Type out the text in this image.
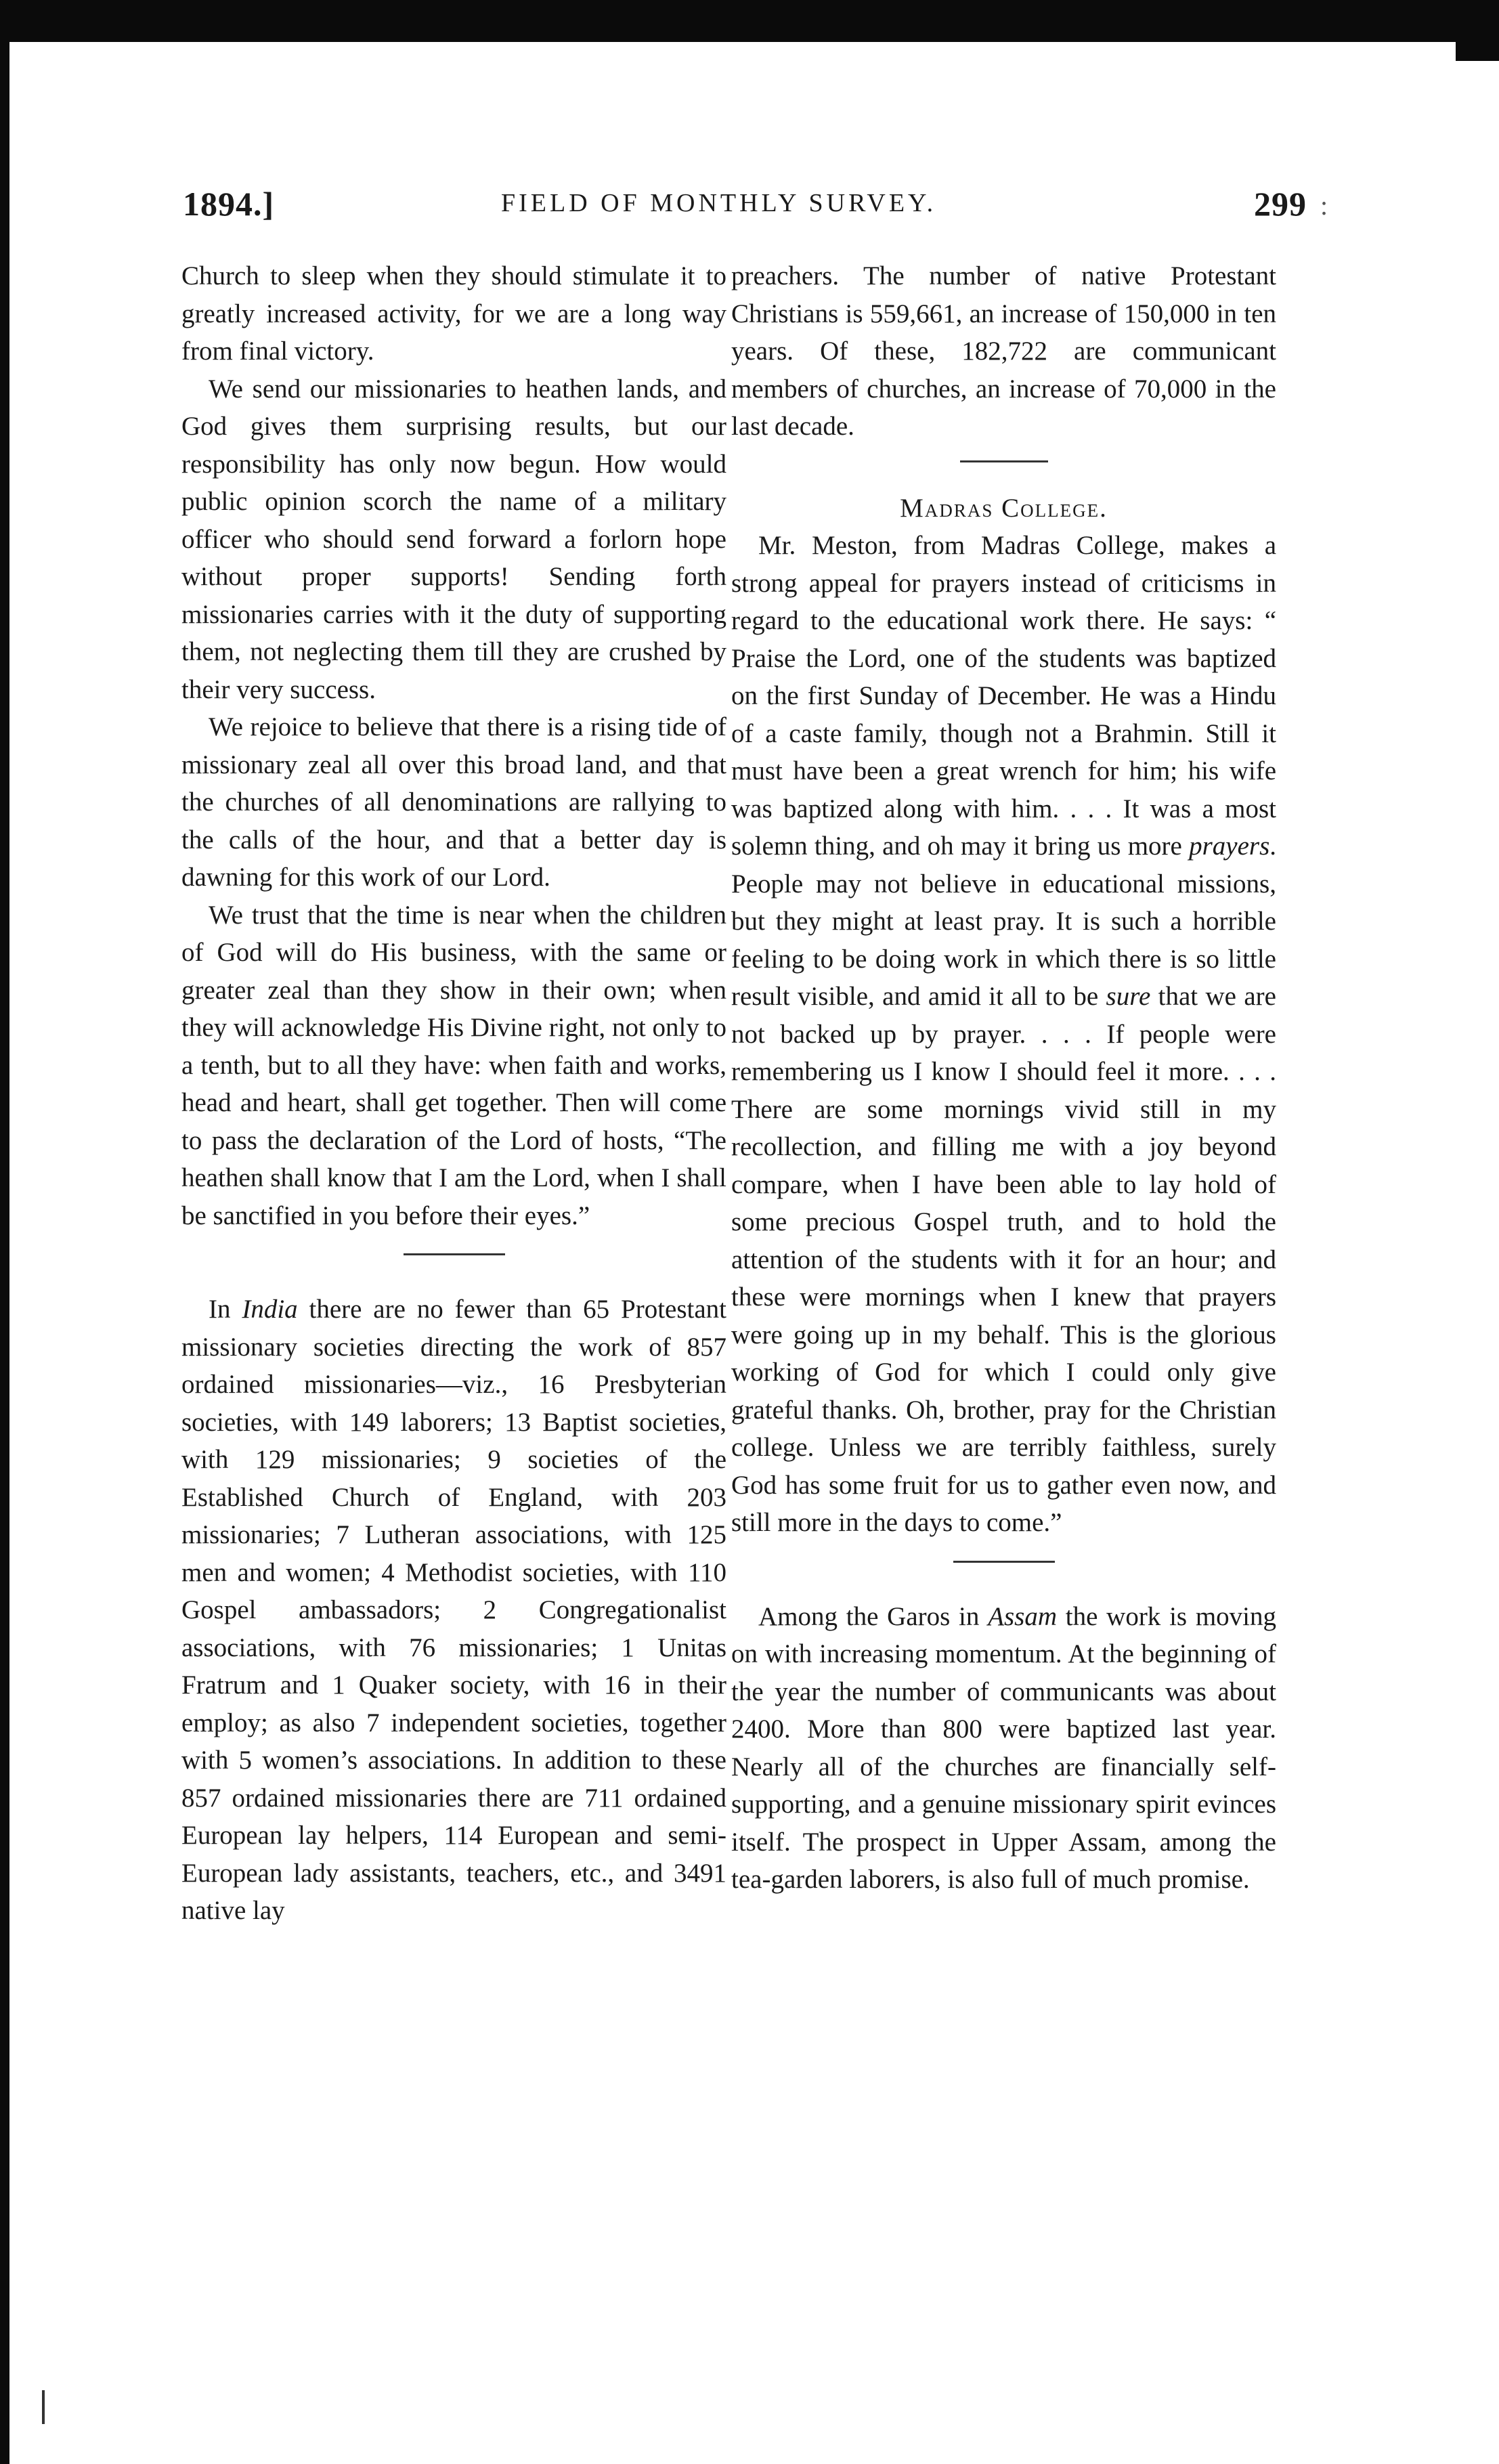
1894.]	FIELD OF MONTHLY SURVEY.	299 :

Church to sleep when they should stimulate it to greatly increased activity, for we are a long way from final victory.

We send our missionaries to heathen lands, and God gives them surprising results, but our responsibility has only now begun. How would public opinion scorch the name of a military officer who should send forward a forlorn hope without proper supports! Sending forth missionaries carries with it the duty of supporting them, not neglecting them till they are crushed by their very success.

We rejoice to believe that there is a rising tide of missionary zeal all over this broad land, and that the churches of all denominations are rallying to the calls of the hour, and that a better day is dawning for this work of our Lord.

We trust that the time is near when the children of God will do His business, with the same or greater zeal than they show in their own; when they will acknowledge His Divine right, not only to a tenth, but to all they have: when faith and works, head and heart, shall get together. Then will come to pass the declaration of the Lord of hosts, “The heathen shall know that I am the Lord, when I shall be sanctified in you before their eyes.”

In India there are no fewer than 65 Protestant missionary societies directing the work of 857 ordained missionaries—viz., 16 Presbyterian societies, with 149 laborers; 13 Baptist societies, with 129 missionaries; 9 societies of the Established Church of England, with 203 missionaries; 7 Lutheran associations, with 125 men and women; 4 Methodist societies, with 110 Gospel ambassadors; 2 Congregationalist associations, with 76 missionaries; 1 Unitas Fratrum and 1 Quaker society, with 16 in their employ; as also 7 independent societies, together with 5 women’s associations. In addition to these 857 ordained missionaries there are 711 ordained European lay helpers, 114 European and semi-European lady assistants, teachers, etc., and 3491 native lay

preachers. The number of native Protestant Christians is 559,661, an increase of 150,000 in ten years. Of these, 182,722 are communicant members of churches, an increase of 70,000 in the last decade.

Madras College.

Mr. Meston, from Madras College, makes a strong appeal for prayers instead of criticisms in regard to the educational work there. He says: “ Praise the Lord, one of the students was baptized on the first Sunday of December. He was a Hindu of a caste family, though not a Brahmin. Still it must have been a great wrench for him; his wife was baptized along with him. . . . It was a most solemn thing, and oh may it bring us more prayers. People may not believe in educational missions, but they might at least pray. It is such a horrible feeling to be doing work in which there is so little result visible, and amid it all to be sure that we are not backed up by prayer. . . . If people were remembering us I know I should feel it more. . . . There are some mornings vivid still in my recollection, and filling me with a joy beyond compare, when I have been able to lay hold of some precious Gospel truth, and to hold the attention of the students with it for an hour; and these were mornings when I knew that prayers were going up in my behalf. This is the glorious working of God for which I could only give grateful thanks. Oh, brother, pray for the Christian college. Unless we are terribly faithless, surely God has some fruit for us to gather even now, and still more in the days to come.”

Among the Garos in Assam the work is moving on with increasing momentum. At the beginning of the year the number of communicants was about 2400. More than 800 were baptized last year. Nearly all of the churches are financially self-supporting, and a genuine missionary spirit evinces itself. The prospect in Upper Assam, among the tea-garden laborers, is also full of much promise.
